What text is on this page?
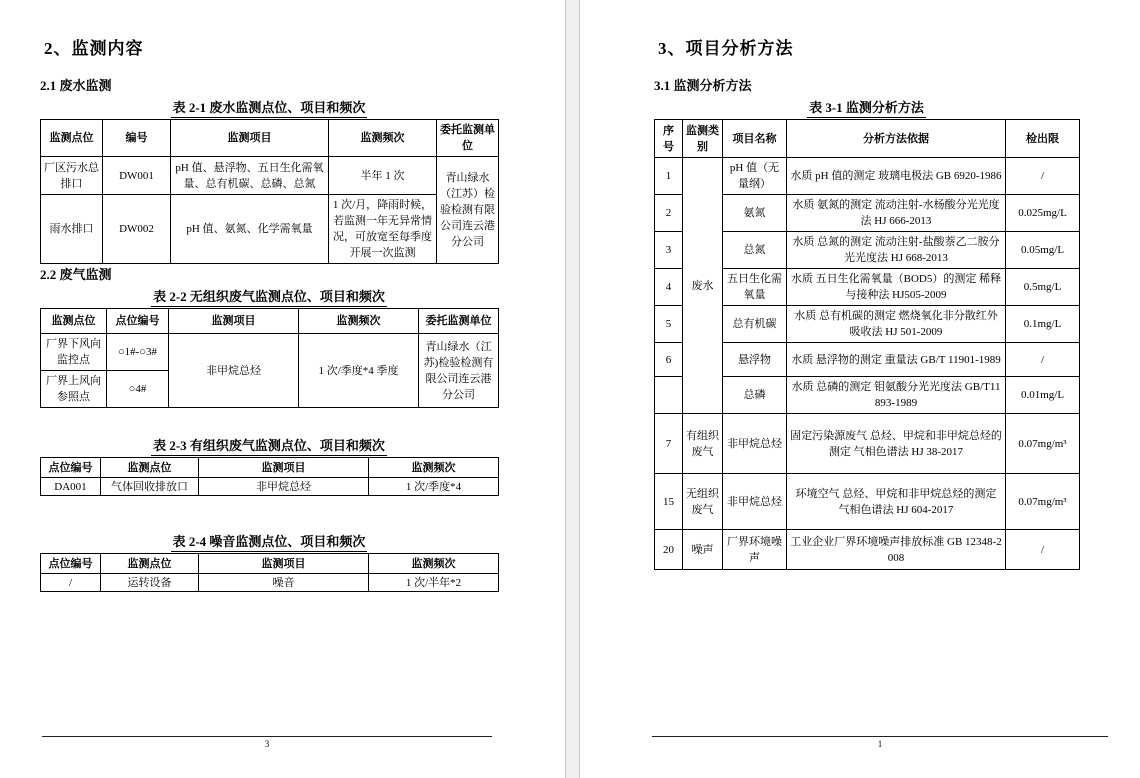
2、监测内容
2.1 废水监测
表 2-1 废水监测点位、项目和频次
监测点位	编号	监测项目	监测频次	委托监测单位
厂区污水总排口	DW001	pH 值、悬浮物、五日生化需氧量、总有机碳、总磷、总氮	半年 1 次	青山绿水（江苏）检验检测有限公司连云港分公司
雨水排口	DW002	pH 值、氨氮、化学需氧量	1 次/月，降雨时候，若监测一年无异常情况，可放宽至每季度开展一次监测	
2.2 废气监测
表 2-2 无组织废气监测点位、项目和频次
监测点位	点位编号	监测项目	监测频次	委托监测单位
厂界下风向监控点	○1#-○3#	非甲烷总烃	1 次/季度*4 季度	青山绿水（江苏)检验检测有限公司连云港分公司
厂界上风向参照点	○4#			
表 2-3 有组织废气监测点位、项目和频次
点位编号	监测点位	监测项目	监测频次
DA001	气体回收排放口	非甲烷总烃	1 次/季度*4
表 2-4 噪音监测点位、项目和频次
点位编号	监测点位	监测项目	监测频次
/	运转设备	噪音	1 次/半年*2
3
3、项目分析方法
3.1 监测分析方法
表 3-1 监测分析方法
序号	监测类别	项目名称	分析方法依据	检出限
1	废水	pH 值（无量纲）	水质 pH 值的测定 玻璃电极法 GB 6920-1986	/
2		氨氮	水质 氨氮的测定 流动注射-水杨酸分光光度法 HJ 666-2013	0.025mg/L
3		总氮	水质 总氮的测定 流动注射-盐酸萘乙二胺分光光度法 HJ 668-2013	0.05mg/L
4		五日生化需氧量	水质 五日生化需氧量（BOD5）的测定 稀释与接种法 HJ505-2009	0.5mg/L
5		总有机碳	水质 总有机碳的测定 燃烧氧化非分散红外吸收法 HJ 501-2009	0.1mg/L
6		悬浮物	水质 悬浮物的测定 重量法 GB/T 11901-1989	/
		总磷	水质 总磷的测定 钼氨酸分光光度法 GB/T11893-1989	0.01mg/L
7	有组织废气	非甲烷总烃	固定污染源废气 总烃、甲烷和非甲烷总烃的测定 气相色谱法 HJ 38-2017	0.07mg/m³
15	无组织废气	非甲烷总烃	环境空气 总烃、甲烷和非甲烷总烃的测定 气相色谱法 HJ 604-2017	0.07mg/m³
20	噪声	厂界环境噪声	工业企业厂界环境噪声排放标准 GB 12348-2008	/
1
